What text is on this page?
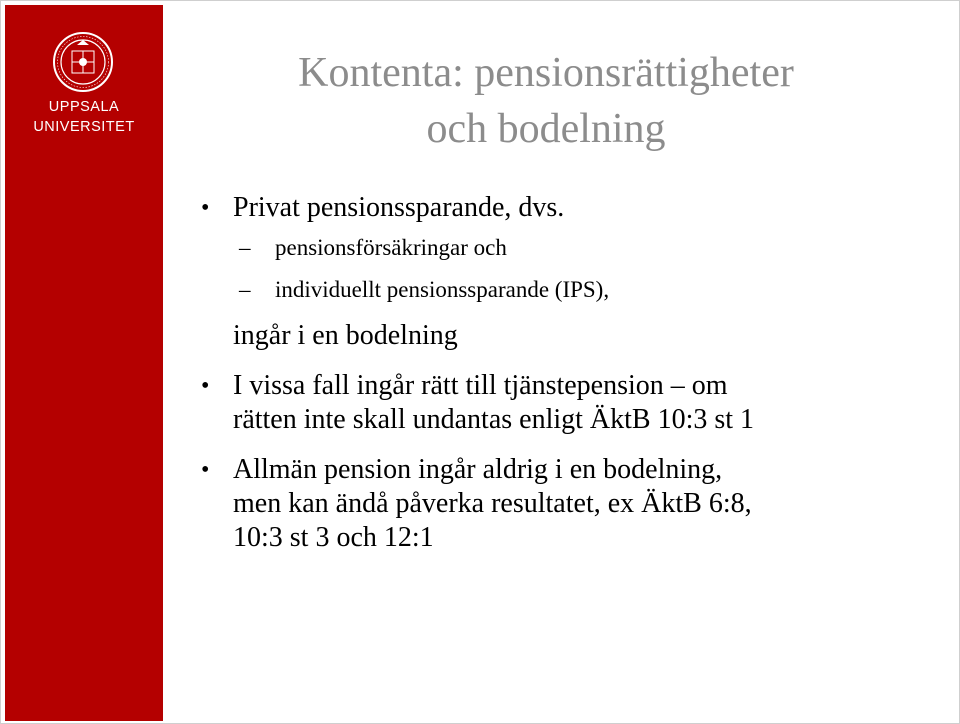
UPPSALA
UNIVERSITET
Kontenta: pensionsrättigheter
och bodelning
• Privat pensionssparande, dvs.
– pensionsförsäkringar och
– individuellt pensionssparande (IPS),
ingår i en bodelning
• I vissa fall ingår rätt till tjänstepension – om
rätten inte skall undantas enligt ÄktB 10:3 st 1
• Allmän pension ingår aldrig i en bodelning,
men kan ändå påverka resultatet, ex ÄktB 6:8,
10:3 st 3 och 12:1
